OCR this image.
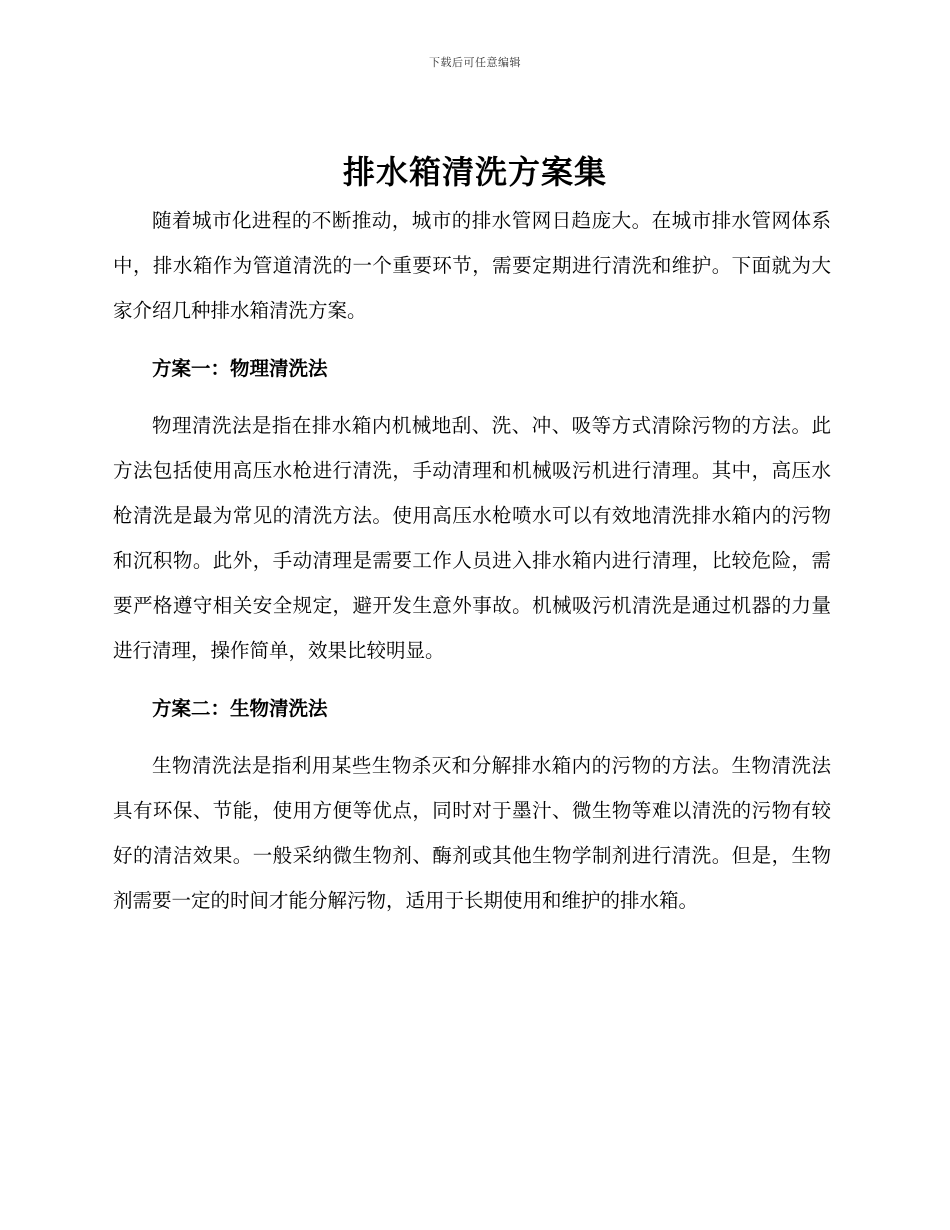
下载后可任意编辑
排水箱清洗方案集

随着城市化进程的不断推动，城市的排水管网日趋庞大。在城市排水管网体系中，排水箱作为管道清洗的一个重要环节，需要定期进行清洗和维护。下面就为大家介绍几种排水箱清洗方案。

方案一：物理清洗法

物理清洗法是指在排水箱内机械地刮、洗、冲、吸等方式清除污物的方法。此方法包括使用高压水枪进行清洗，手动清理和机械吸污机进行清理。其中，高压水枪清洗是最为常见的清洗方法。使用高压水枪喷水可以有效地清洗排水箱内的污物和沉积物。此外，手动清理是需要工作人员进入排水箱内进行清理，比较危险，需要严格遵守相关安全规定，避开发生意外事故。机械吸污机清洗是通过机器的力量进行清理，操作简单，效果比较明显。

方案二：生物清洗法

生物清洗法是指利用某些生物杀灭和分解排水箱内的污物的方法。生物清洗法具有环保、节能，使用方便等优点，同时对于墨汁、微生物等难以清洗的污物有较好的清洁效果。一般采纳微生物剂、酶剂或其他生物学制剂进行清洗。但是，生物剂需要一定的时间才能分解污物，适用于长期使用和维护的排水箱。
